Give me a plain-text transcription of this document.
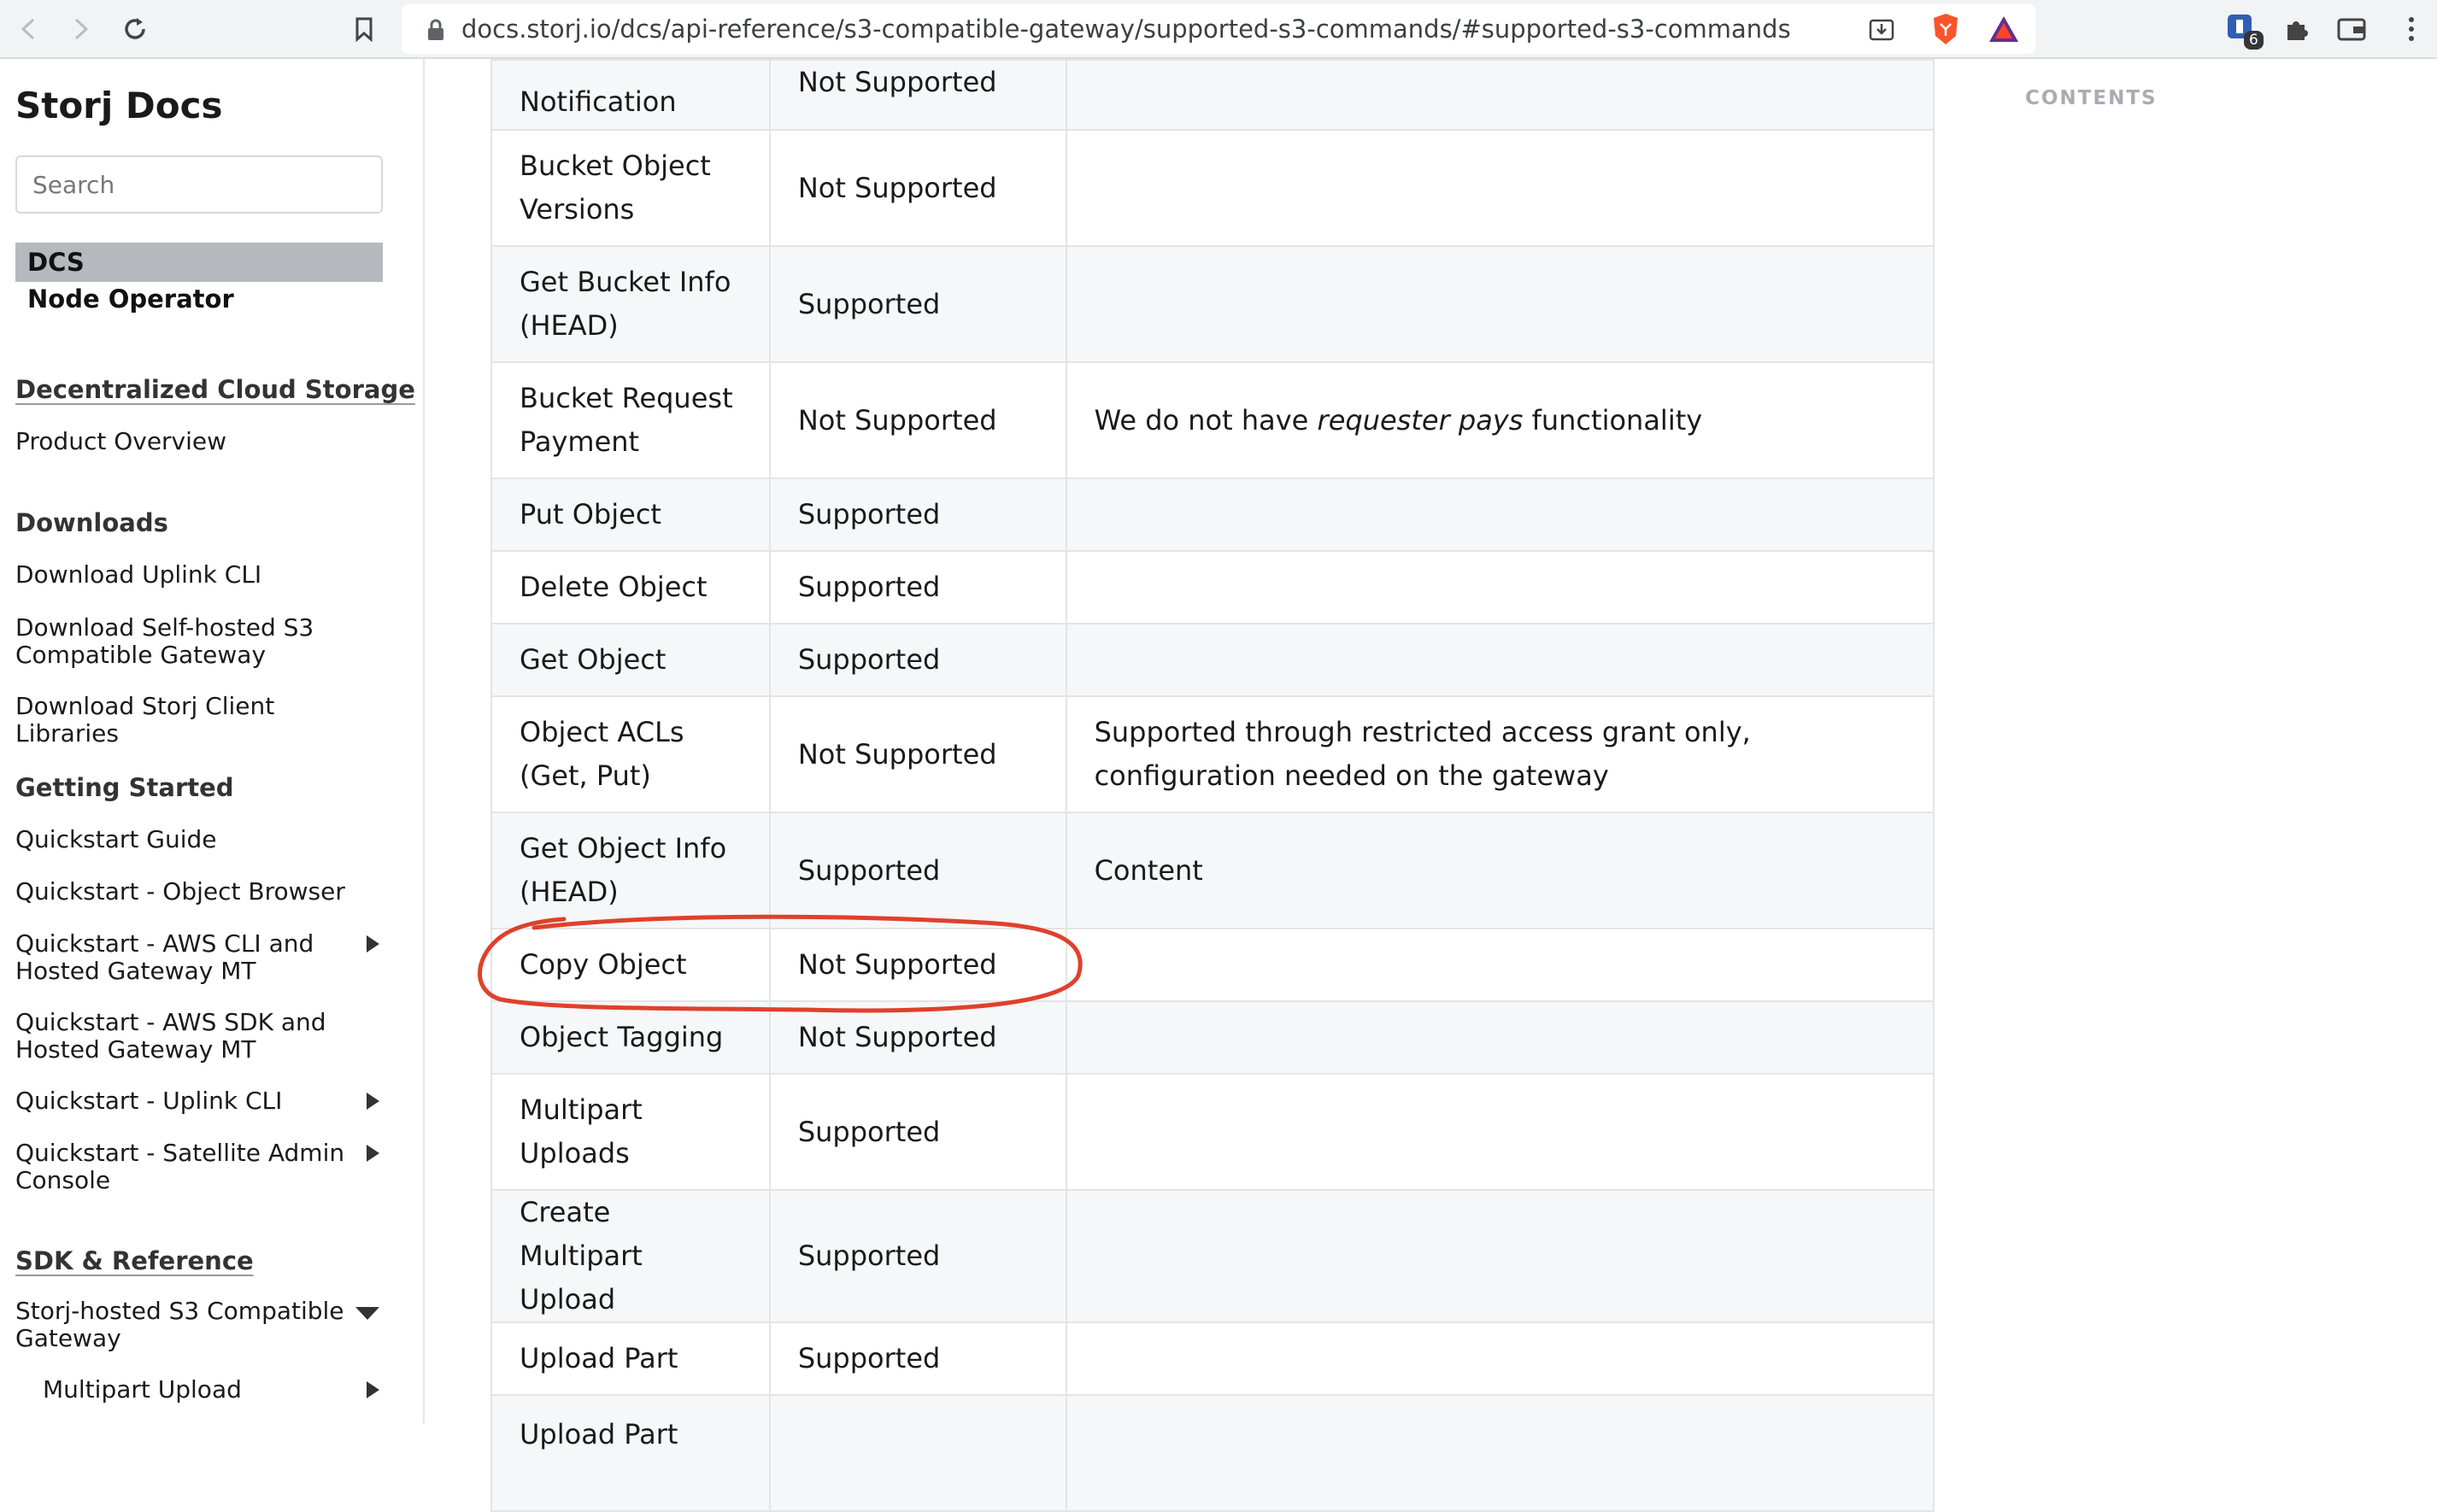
docs.storj.io/dcs/api-reference/s3-compatible-gateway/supported-s3-commands/#supported-s3-commands	6
Storj Docs
Search
DCS
Node Operator
Decentralized Cloud Storage
Product Overview
Downloads
Download Uplink CLI
Download Self-hosted S3 Compatible Gateway
Download Storj Client Libraries
Getting Started
Quickstart Guide
Quickstart - Object Browser
Quickstart - AWS CLI and Hosted Gateway MT
Quickstart - AWS SDK and Hosted Gateway MT
Quickstart - Uplink CLI
Quickstart - Satellite Admin Console
SDK & Reference
Storj-hosted S3 Compatible Gateway
Multipart Upload
Notification	Not Supported	
Bucket Object Versions	Not Supported	
Get Bucket Info (HEAD)	Supported	
Bucket Request Payment	Not Supported	We do not have requester pays functionality
Put Object	Supported	
Delete Object	Supported	
Get Object	Supported	
Object ACLs (Get, Put)	Not Supported	Supported through restricted access grant only, configuration needed on the gateway
Get Object Info (HEAD)	Supported	Content
Copy Object	Not Supported	
Object Tagging	Not Supported	
Multipart Uploads	Supported	
Create Multipart Upload	Supported	
Upload Part	Supported	
Upload Part		
CONTENTS
